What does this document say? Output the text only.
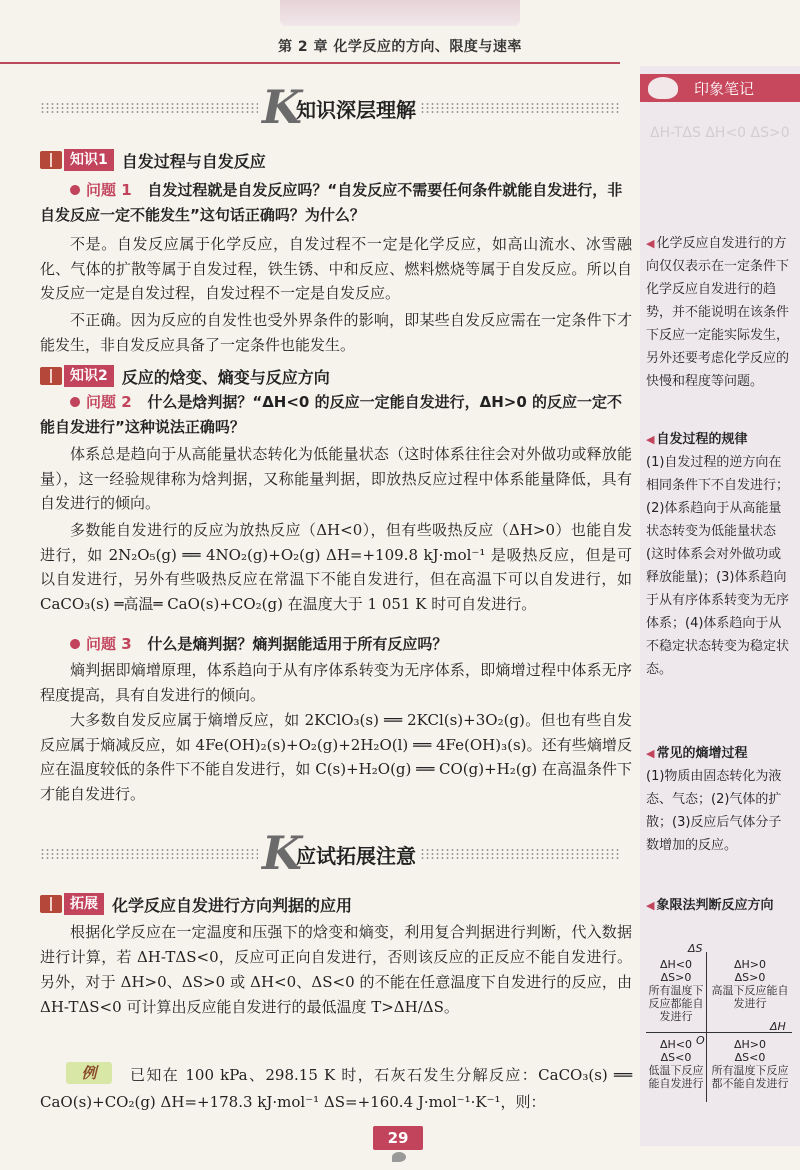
第 2 章 化学反应的方向、限度与速率
K
知识深层理解
知识1 自发过程与自发反应
问题 1 自发过程就是自发反应吗？“自发反应不需要任何条件就能自发进行，非自发反应一定不能发生”这句话正确吗？为什么？
不是。自发反应属于化学反应，自发过程不一定是化学反应，如高山流水、冰雪融化、气体的扩散等属于自发过程，铁生锈、中和反应、燃料燃烧等属于自发反应。所以自发反应一定是自发过程，自发过程不一定是自发反应。
不正确。因为反应的自发性也受外界条件的影响，即某些自发反应需在一定条件下才能发生，非自发反应具备了一定条件也能发生。
知识2 反应的焓变、熵变与反应方向
问题 2 什么是焓判据？“ΔH<0 的反应一定能自发进行，ΔH>0 的反应一定不能自发进行”这种说法正确吗？
体系总是趋向于从高能量状态转化为低能量状态（这时体系往往会对外做功或释放能量），这一经验规律称为焓判据，又称能量判据，即放热反应过程中体系能量降低，具有自发进行的倾向。
多数能自发进行的反应为放热反应（ΔH<0），但有些吸热反应（ΔH>0）也能自发进行，如 2N₂O₅(g) ══ 4NO₂(g)+O₂(g) ΔH=+109.8 kJ·mol⁻¹ 是吸热反应，但是可以自发进行，另外有些吸热反应在常温下不能自发进行，但在高温下可以自发进行，如 CaCO₃(s) ═高温═ CaO(s)+CO₂(g) 在温度大于 1 051 K 时可自发进行。
问题 3 什么是熵判据？熵判据能适用于所有反应吗？
熵判据即熵增原理，体系趋向于从有序体系转变为无序体系，即熵增过程中体系无序程度提高，具有自发进行的倾向。
大多数自发反应属于熵增反应，如 2KClO₃(s) ══ 2KCl(s)+3O₂(g)。但也有些自发反应属于熵减反应，如 4Fe(OH)₂(s)+O₂(g)+2H₂O(l) ══ 4Fe(OH)₃(s)。还有些熵增反应在温度较低的条件下不能自发进行，如 C(s)+H₂O(g) ══ CO(g)+H₂(g) 在高温条件下才能自发进行。
K
应试拓展注意
拓展 化学反应自发进行方向判据的应用
根据化学反应在一定温度和压强下的焓变和熵变，利用复合判据进行判断，代入数据进行计算，若 ΔH-TΔS<0，反应可正向自发进行，否则该反应的正反应不能自发进行。另外，对于 ΔH>0、ΔS>0 或 ΔH<0、ΔS<0 的不能在任意温度下自发进行的反应，由 ΔH-TΔS<0 可计算出反应能自发进行的最低温度 T>ΔH/ΔS。
例	已知在 100 kPa、298.15 K 时，石灰石发生分解反应：CaCO₃(s) ══ CaO(s)+CO₂(g) ΔH=+178.3 kJ·mol⁻¹ ΔS=+160.4 J·mol⁻¹·K⁻¹，则：
印象笔记
ΔH-TΔS ΔH<0 ΔS>0
◀ 化学反应自发进行的方向仅仅表示在一定条件下化学反应自发进行的趋势，并不能说明在该条件下反应一定能实际发生，另外还要考虑化学反应的快慢和程度等问题。
◀ 自发过程的规律
(1)自发过程的逆方向在相同条件下不自发进行；(2)体系趋向于从高能量状态转变为低能量状态(这时体系会对外做功或释放能量)；(3)体系趋向于从有序体系转变为无序体系；(4)体系趋向于从不稳定状态转变为稳定状态。
◀ 常见的熵增过程
(1)物质由固态转化为液态、气态；(2)气体的扩散；(3)反应后气体分子数增加的反应。
◀ 象限法判断反应方向
ΔS
ΔH
O
ΔH<0
ΔS>0
所有温度下反应都能自发进行
ΔH>0
ΔS>0
高温下反应能自发进行
ΔH<0
ΔS<0
低温下反应能自发进行
ΔH>0
ΔS<0
所有温度下反应都不能自发进行
29
